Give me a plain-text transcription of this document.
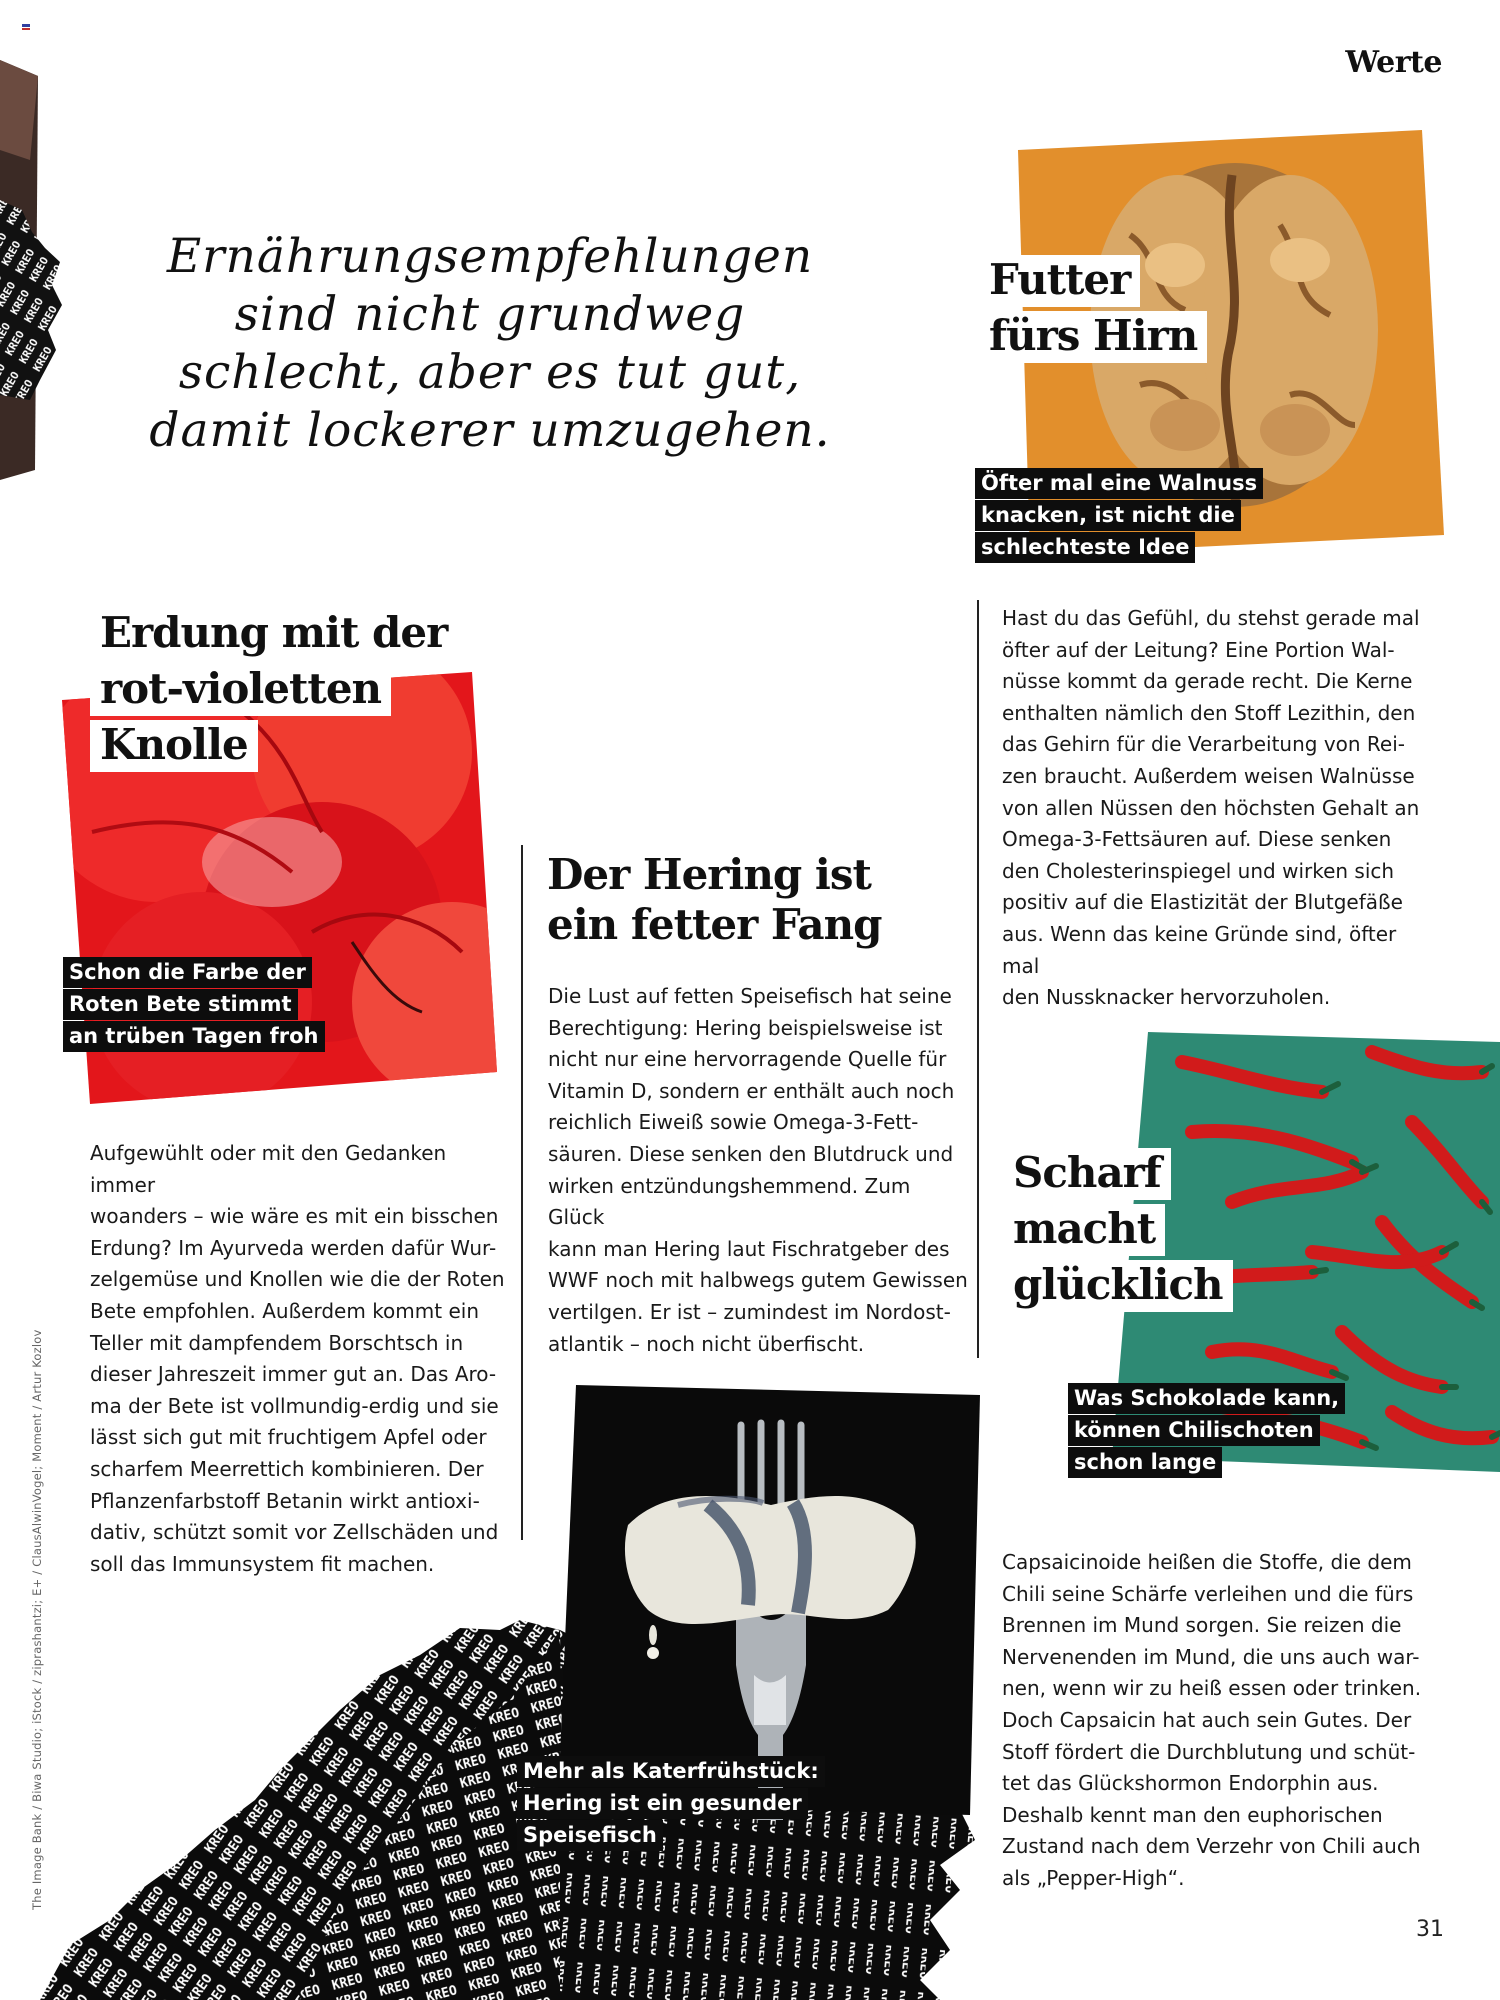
Werte
Ernährungsempfehlungen
sind nicht grundweg
schlecht, aber es tut gut,
damit lockerer umzugehen.
Futter
fürs Hirn
Öfter mal eine Walnuss
knacken, ist nicht die
schlechteste Idee
Hast du das Gefühl, du stehst gerade mal
öfter auf der Leitung? Eine Portion Wal-
nüsse kommt da gerade recht. Die Kerne
enthalten nämlich den Stoff Lezithin, den
das Gehirn für die Verarbeitung von Rei-
zen braucht. Außerdem weisen Walnüsse
von allen Nüssen den höchsten Gehalt an
Omega-3-Fettsäuren auf. Diese senken
den Cholesterinspiegel und wirken sich
positiv auf die Elastizität der Blutgefäße
aus. Wenn das keine Gründe sind, öfter mal
den Nussknacker hervorzuholen.
Erdung mit der
rot-violetten
Knolle
Schon die Farbe der
Roten Bete stimmt
an trüben Tagen froh
Aufgewühlt oder mit den Gedanken immer
woanders – wie wäre es mit ein bisschen
Erdung? Im Ayurveda werden dafür Wur-
zelgemüse und Knollen wie die der Roten
Bete empfohlen. Außerdem kommt ein
Teller mit dampfendem Borschtsch in
dieser Jahreszeit immer gut an. Das Aro-
ma der Bete ist vollmundig-erdig und sie
lässt sich gut mit fruchtigem Apfel oder
scharfem Meerrettich kombinieren. Der
Pflanzenfarbstoff Betanin wirkt antioxi-
dativ, schützt somit vor Zellschäden und
soll das Immunsystem fit machen.
Der Hering ist
ein fetter Fang
Die Lust auf fetten Speisefisch hat seine
Berechtigung: Hering beispielsweise ist
nicht nur eine hervorragende Quelle für
Vitamin D, sondern er enthält auch noch
reichlich Eiweiß sowie Omega-3-Fett-
säuren. Diese senken den Blutdruck und
wirken entzündungshemmend. Zum Glück
kann man Hering laut Fischratgeber des
WWF noch mit halbwegs gutem Gewissen
vertilgen. Er ist – zumindest im Nordost-
atlantik – noch nicht überfischt.
Mehr als Katerfrühstück:
Hering ist ein gesunder
Speisefisch
Scharf
macht
glücklich
Was Schokolade kann,
können Chilischoten
schon lange
Capsaicinoide heißen die Stoffe, die dem
Chili seine Schärfe verleihen und die fürs
Brennen im Mund sorgen. Sie reizen die
Nervenenden im Mund, die uns auch war-
nen, wenn wir zu heiß essen oder trinken.
Doch Capsaicin hat auch sein Gutes. Der
Stoff fördert die Durchblutung und schüt-
tet das Glückshormon Endorphin aus.
Deshalb kennt man den euphorischen
Zustand nach dem Verzehr von Chili auch
als „Pepper-High“.
The Image Bank / Biwa Studio; iStock / ziprashantzi; E+ / ClausAlwinVogel; Moment / Artur Kozlov
31
